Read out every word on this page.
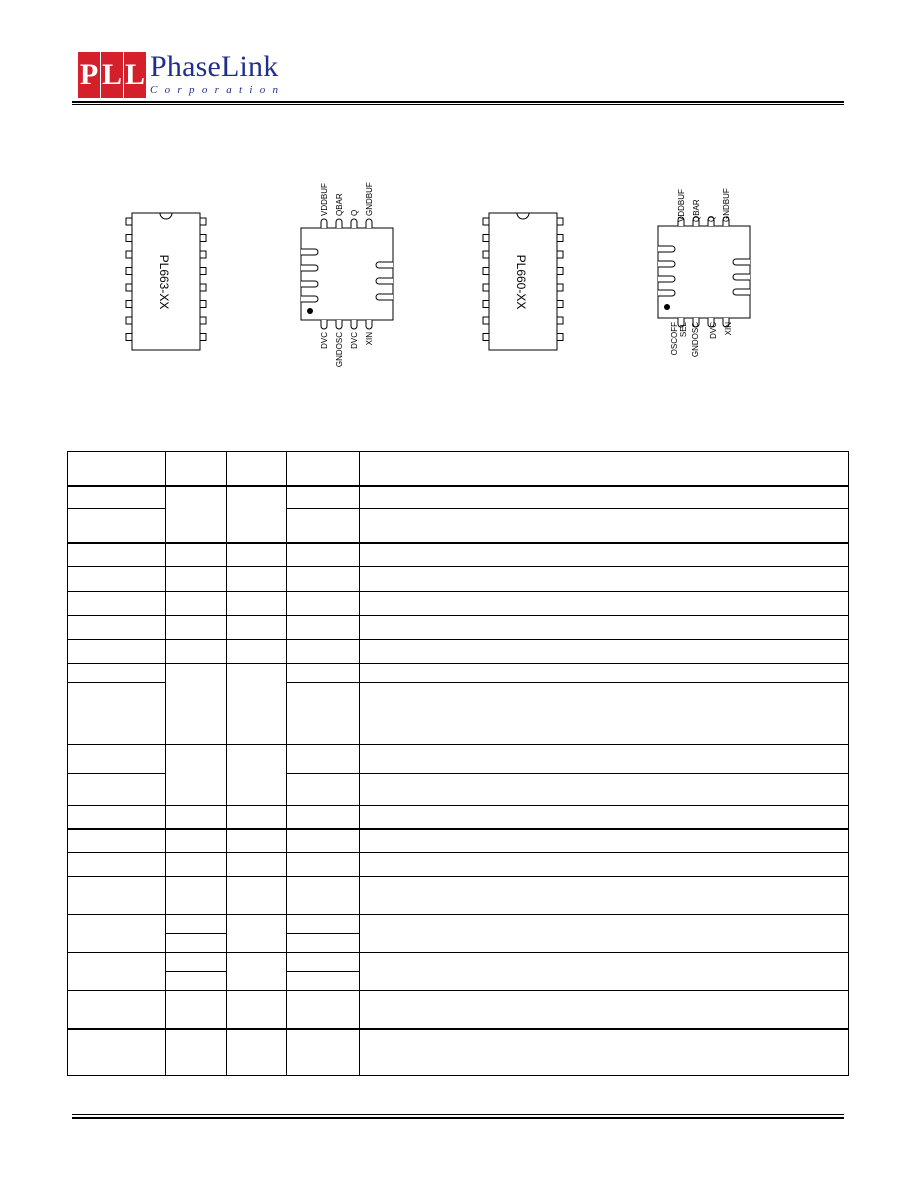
P L L PhaseLink
Corporation
PL663-XX
VDDBUF QBAR Q GNDBUF
DVC GNDOSC DVC XIN
PL660-XX
VDDBUF QBAR Q GNDBUF
OSCOFF SEL GNDOSC DVC XIN
